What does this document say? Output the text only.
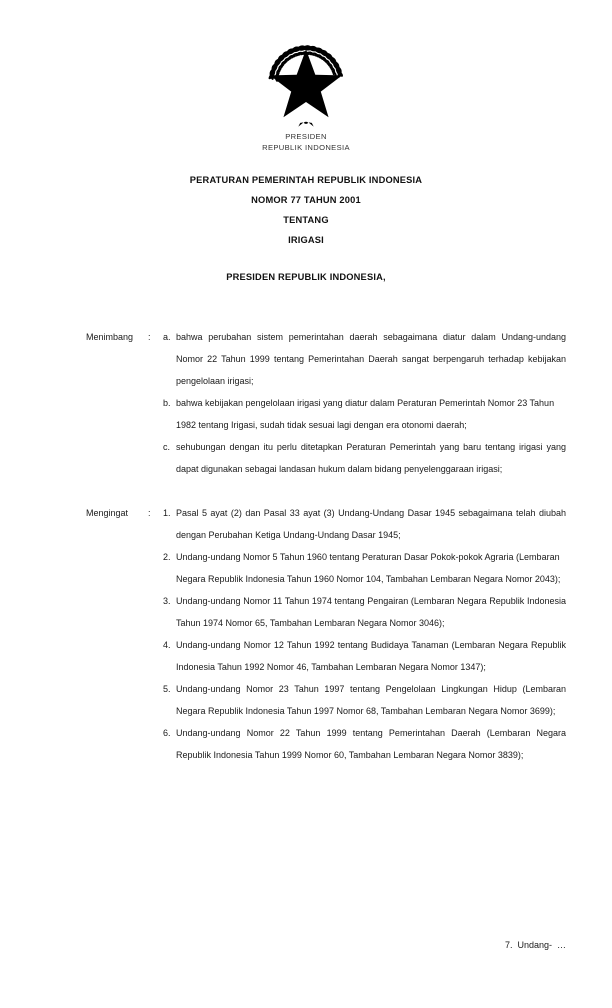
PRESIDEN
REPUBLIK INDONESIA
PERATURAN PEMERINTAH REPUBLIK INDONESIA
NOMOR 77 TAHUN 2001
TENTANG
IRIGASI
PRESIDEN REPUBLIK INDONESIA,
Menimbang	:	a. bahwa perubahan sistem pemerintahan daerah sebagaimana diatur dalam Undang-undang Nomor 22 Tahun 1999 tentang Pemerintahan Daerah sangat berpengaruh terhadap kebijakan pengelolaan irigasi;
b. bahwa kebijakan pengelolaan irigasi yang diatur dalam Peraturan Pemerintah Nomor 23 Tahun 1982 tentang Irigasi, sudah tidak sesuai lagi dengan era otonomi daerah;
c. sehubungan dengan itu perlu ditetapkan Peraturan Pemerintah yang baru tentang irigasi yang dapat digunakan sebagai landasan hukum dalam bidang penyelenggaraan irigasi;
Mengingat	:	1. Pasal 5 ayat (2) dan Pasal 33 ayat (3) Undang-Undang Dasar 1945 sebagaimana telah diubah dengan Perubahan Ketiga Undang-Undang Dasar 1945;
2. Undang-undang Nomor 5 Tahun 1960 tentang Peraturan Dasar Pokok-pokok Agraria (Lembaran Negara Republik Indonesia Tahun 1960 Nomor 104, Tambahan Lembaran Negara Nomor 2043);
3. Undang-undang Nomor 11 Tahun 1974 tentang Pengairan (Lembaran Negara Republik Indonesia Tahun 1974 Nomor 65, Tambahan Lembaran Negara Nomor 3046);
4. Undang-undang Nomor 12 Tahun 1992 tentang Budidaya Tanaman (Lembaran Negara Republik Indonesia Tahun 1992 Nomor 46, Tambahan Lembaran Negara Nomor 1347);
5. Undang-undang Nomor 23 Tahun 1997 tentang Pengelolaan Lingkungan Hidup (Lembaran Negara Republik Indonesia Tahun 1997 Nomor 68, Tambahan Lembaran Negara Nomor 3699);
6. Undang-undang Nomor 22 Tahun 1999 tentang Pemerintahan Daerah (Lembaran Negara Republik Indonesia Tahun 1999 Nomor 60, Tambahan Lembaran Negara Nomor 3839);
7.  Undang-  …
